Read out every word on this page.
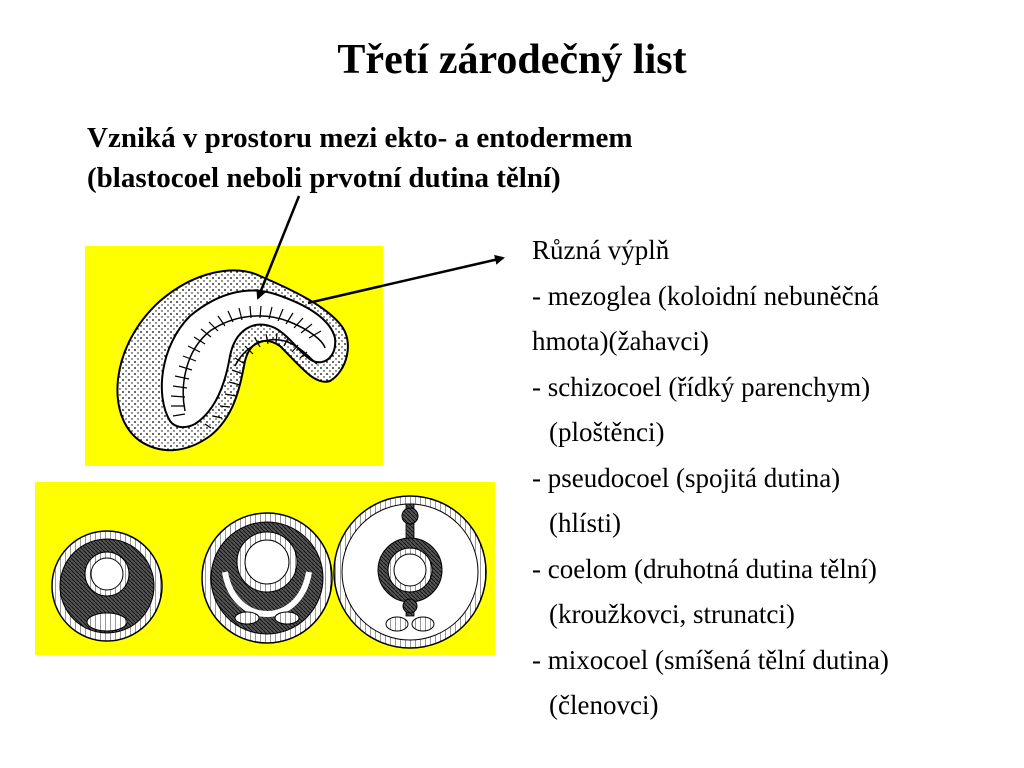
Třetí zárodečný list
Vzniká v prostoru mezi ekto- a entodermem
(blastocoel neboli prvotní dutina tělní)
Různá výplň
- mezoglea (koloidní nebuněčná
hmota)(žahavci)
- schizocoel (řídký parenchym)
(ploštěnci)
- pseudocoel (spojitá dutina)
(hlísti)
- coelom (druhotná dutina tělní)
(kroužkovci, strunatci)
- mixocoel (smíšená tělní dutina)
(členovci)
